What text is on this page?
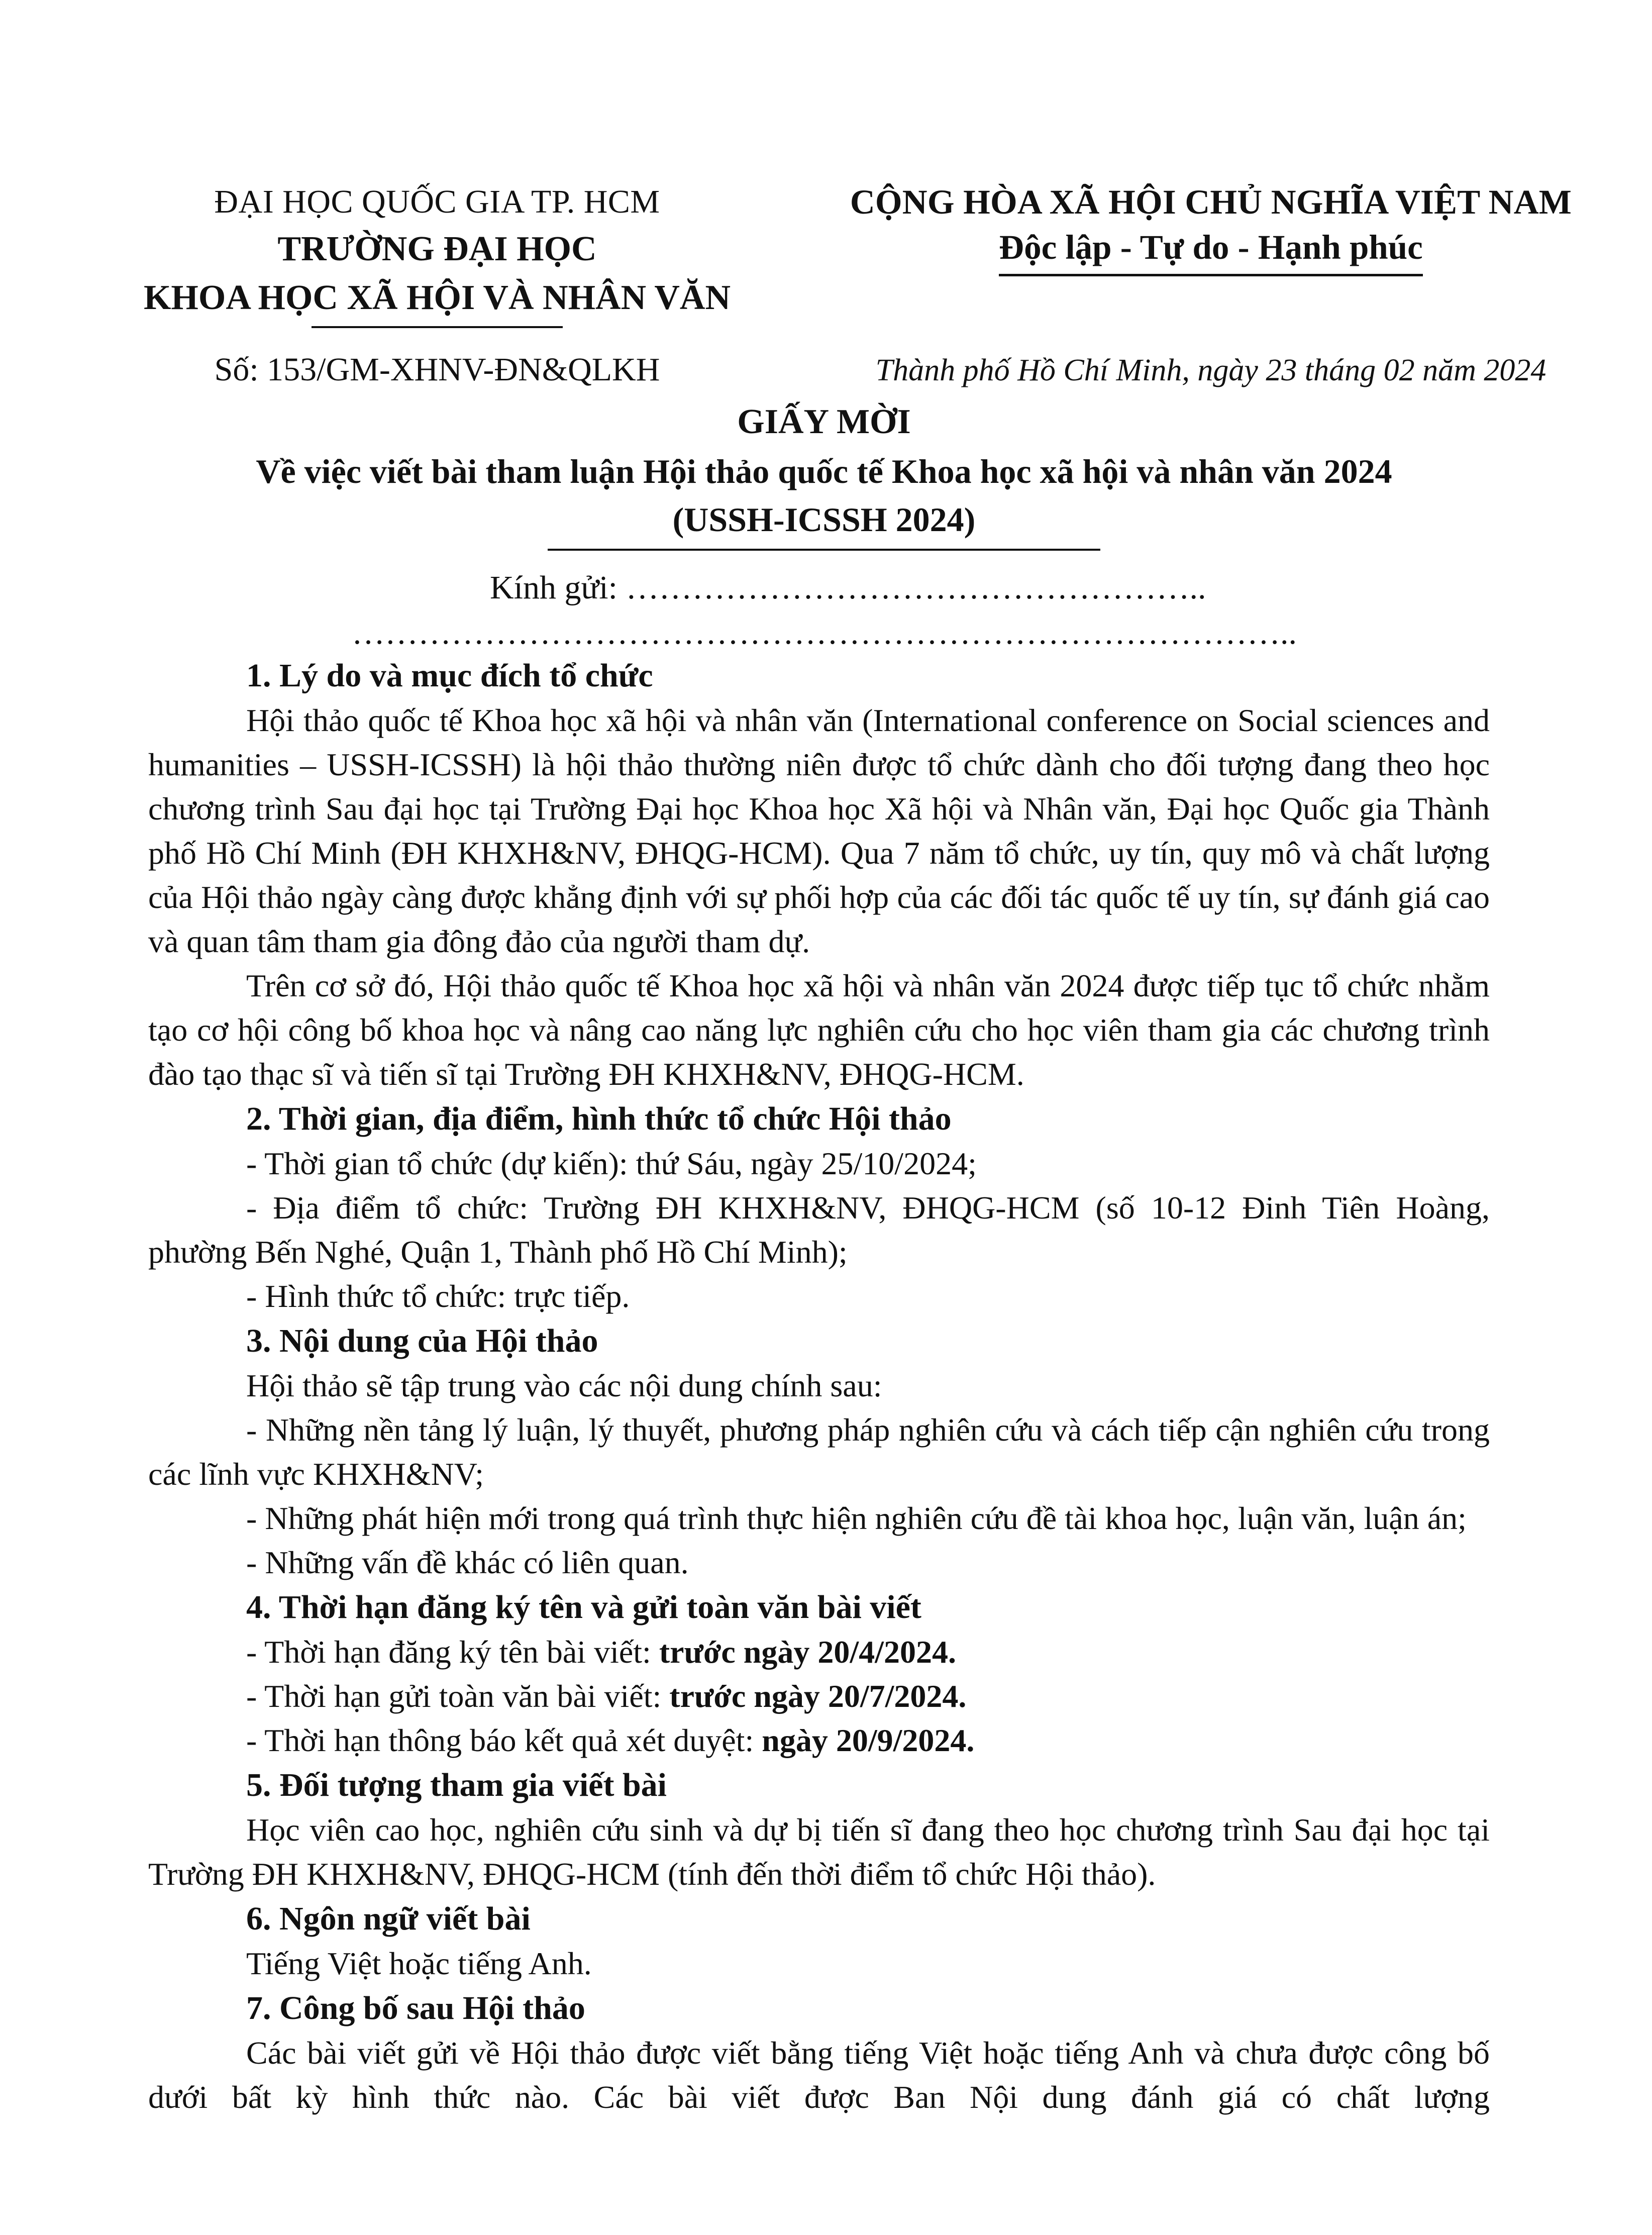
ĐẠI HỌC QUỐC GIA TP. HCM
TRƯỜNG ĐẠI HỌC
KHOA HỌC XÃ HỘI VÀ NHÂN VĂN
Số: 153/GM-XHNV-ĐN&QLKH
CỘNG HÒA XÃ HỘI CHỦ NGHĨA VIỆT NAM
Độc lập - Tự do - Hạnh phúc
Thành phố Hồ Chí Minh, ngày 23 tháng 02 năm 2024
GIẤY MỜI
Về việc viết bài tham luận Hội thảo quốc tế Khoa học xã hội và nhân văn 2024
(USSH-ICSSH 2024)
Kính gửi: ……………………………………………..
…………………………………………………………………………..

1. Lý do và mục đích tổ chức

Hội thảo quốc tế Khoa học xã hội và nhân văn (International conference on Social sciences and humanities – USSH-ICSSH) là hội thảo thường niên được tổ chức dành cho đối tượng đang theo học chương trình Sau đại học tại Trường Đại học Khoa học Xã hội và Nhân văn, Đại học Quốc gia Thành phố Hồ Chí Minh (ĐH KHXH&NV, ĐHQG-HCM). Qua 7 năm tổ chức, uy tín, quy mô và chất lượng của Hội thảo ngày càng được khẳng định với sự phối hợp của các đối tác quốc tế uy tín, sự đánh giá cao và quan tâm tham gia đông đảo của người tham dự.

Trên cơ sở đó, Hội thảo quốc tế Khoa học xã hội và nhân văn 2024 được tiếp tục tổ chức nhằm tạo cơ hội công bố khoa học và nâng cao năng lực nghiên cứu cho học viên tham gia các chương trình đào tạo thạc sĩ và tiến sĩ tại Trường ĐH KHXH&NV, ĐHQG-HCM.

2. Thời gian, địa điểm, hình thức tổ chức Hội thảo

- Thời gian tổ chức (dự kiến): thứ Sáu, ngày 25/10/2024;

- Địa điểm tổ chức: Trường ĐH KHXH&NV, ĐHQG-HCM (số 10-12 Đinh Tiên Hoàng, phường Bến Nghé, Quận 1, Thành phố Hồ Chí Minh);

- Hình thức tổ chức: trực tiếp.

3. Nội dung của Hội thảo

Hội thảo sẽ tập trung vào các nội dung chính sau:

- Những nền tảng lý luận, lý thuyết, phương pháp nghiên cứu và cách tiếp cận nghiên cứu trong các lĩnh vực KHXH&NV;

- Những phát hiện mới trong quá trình thực hiện nghiên cứu đề tài khoa học, luận văn, luận án;

- Những vấn đề khác có liên quan.

4. Thời hạn đăng ký tên và gửi toàn văn bài viết

- Thời hạn đăng ký tên bài viết: trước ngày 20/4/2024.

- Thời hạn gửi toàn văn bài viết: trước ngày 20/7/2024.

- Thời hạn thông báo kết quả xét duyệt: ngày 20/9/2024.

5. Đối tượng tham gia viết bài

Học viên cao học, nghiên cứu sinh và dự bị tiến sĩ đang theo học chương trình Sau đại học tại Trường ĐH KHXH&NV, ĐHQG-HCM (tính đến thời điểm tổ chức Hội thảo).

6. Ngôn ngữ viết bài

Tiếng Việt hoặc tiếng Anh.

7. Công bố sau Hội thảo

Các bài viết gửi về Hội thảo được viết bằng tiếng Việt hoặc tiếng Anh và chưa được công bố dưới bất kỳ hình thức nào. Các bài viết được Ban Nội dung đánh giá có chất lượng
